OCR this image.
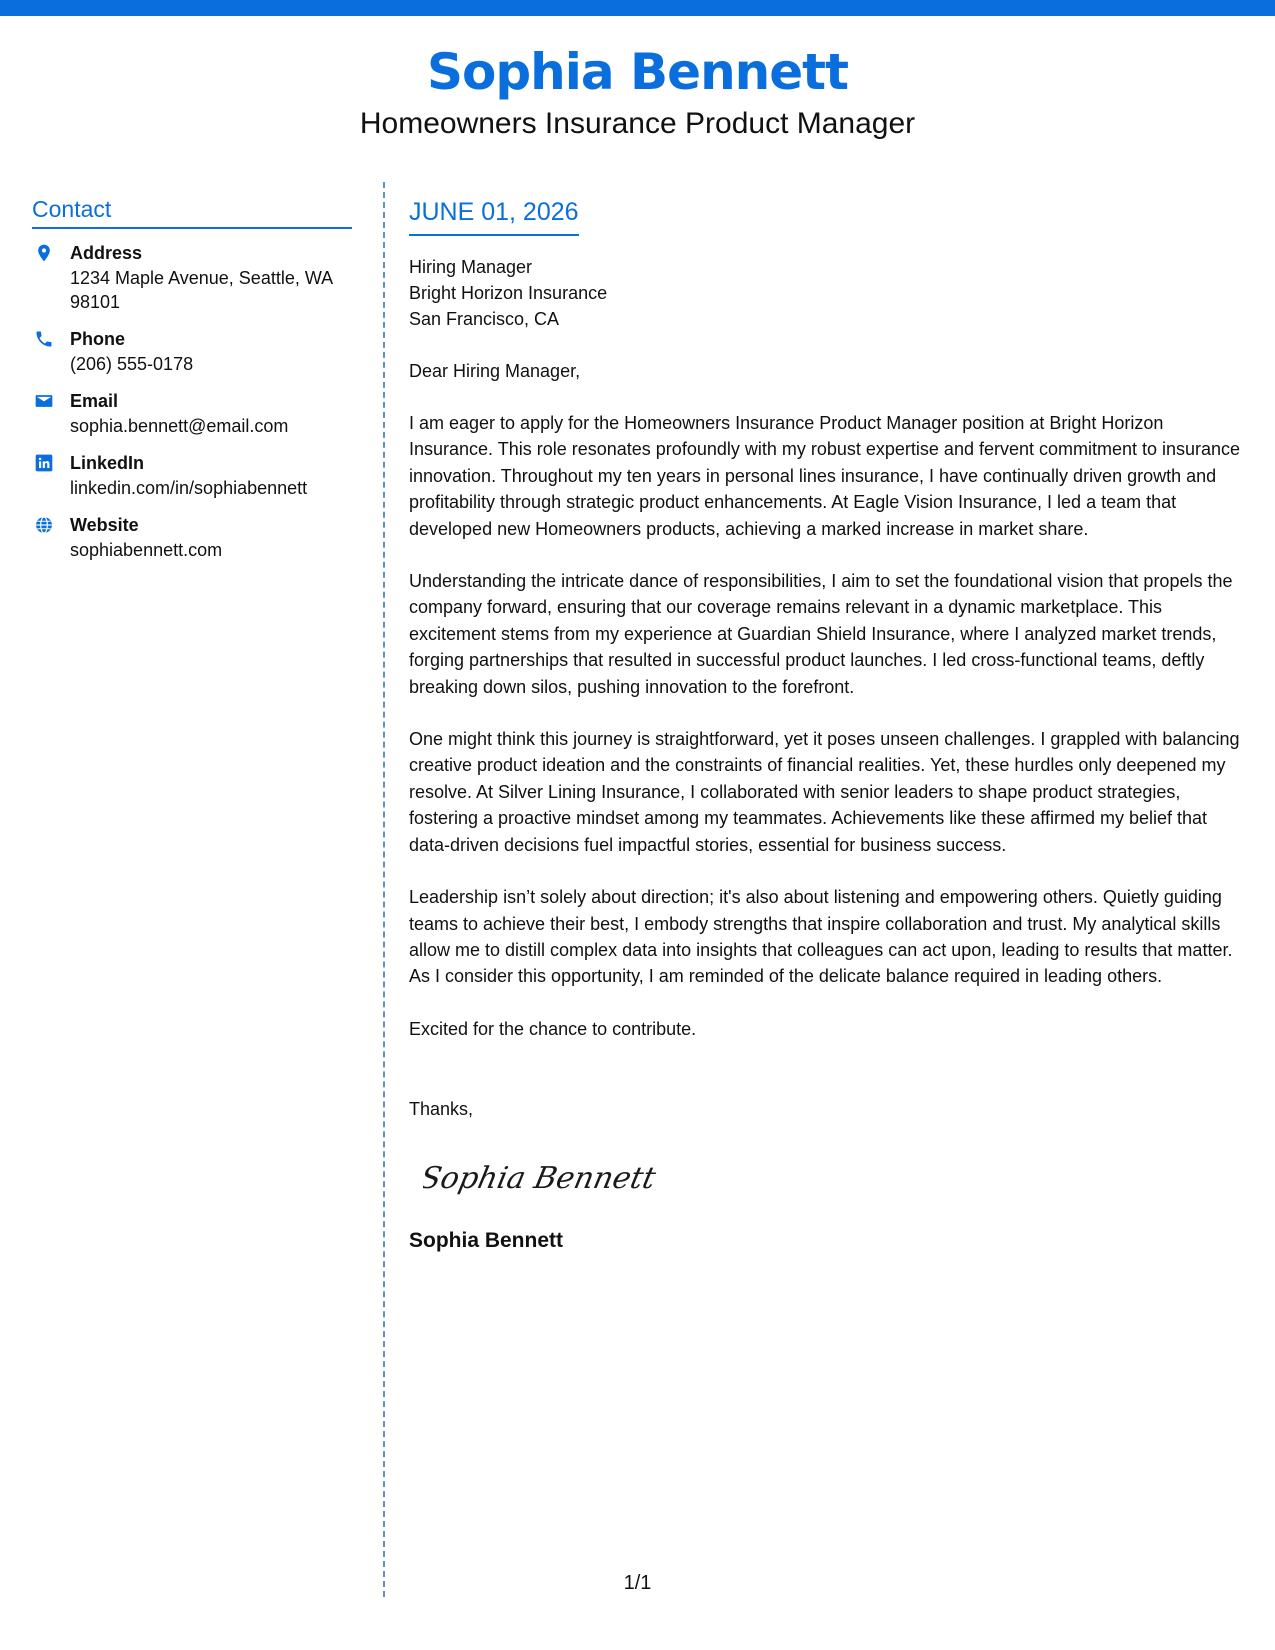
Sophia Bennett
Homeowners Insurance Product Manager
Contact
Address
1234 Maple Avenue, Seattle, WA 98101
Phone
(206) 555-0178
Email
sophia.bennett@email.com
LinkedIn
linkedin.com/in/sophiabennett
Website
sophiabennett.com
JUNE 01, 2026
Hiring Manager
Bright Horizon Insurance
San Francisco, CA
Dear Hiring Manager,
I am eager to apply for the Homeowners Insurance Product Manager position at Bright Horizon Insurance. This role resonates profoundly with my robust expertise and fervent commitment to insurance innovation. Throughout my ten years in personal lines insurance, I have continually driven growth and profitability through strategic product enhancements. At Eagle Vision Insurance, I led a team that developed new Homeowners products, achieving a marked increase in market share.
Understanding the intricate dance of responsibilities, I aim to set the foundational vision that propels the company forward, ensuring that our coverage remains relevant in a dynamic marketplace. This excitement stems from my experience at Guardian Shield Insurance, where I analyzed market trends, forging partnerships that resulted in successful product launches. I led cross-functional teams, deftly breaking down silos, pushing innovation to the forefront.
One might think this journey is straightforward, yet it poses unseen challenges. I grappled with balancing creative product ideation and the constraints of financial realities. Yet, these hurdles only deepened my resolve. At Silver Lining Insurance, I collaborated with senior leaders to shape product strategies, fostering a proactive mindset among my teammates. Achievements like these affirmed my belief that data-driven decisions fuel impactful stories, essential for business success.
Leadership isn’t solely about direction; it's also about listening and empowering others. Quietly guiding teams to achieve their best, I embody strengths that inspire collaboration and trust. My analytical skills allow me to distill complex data into insights that colleagues can act upon, leading to results that matter. As I consider this opportunity, I am reminded of the delicate balance required in leading others.
Excited for the chance to contribute.
Thanks,
Sophia Bennett
Sophia Bennett
1/1
